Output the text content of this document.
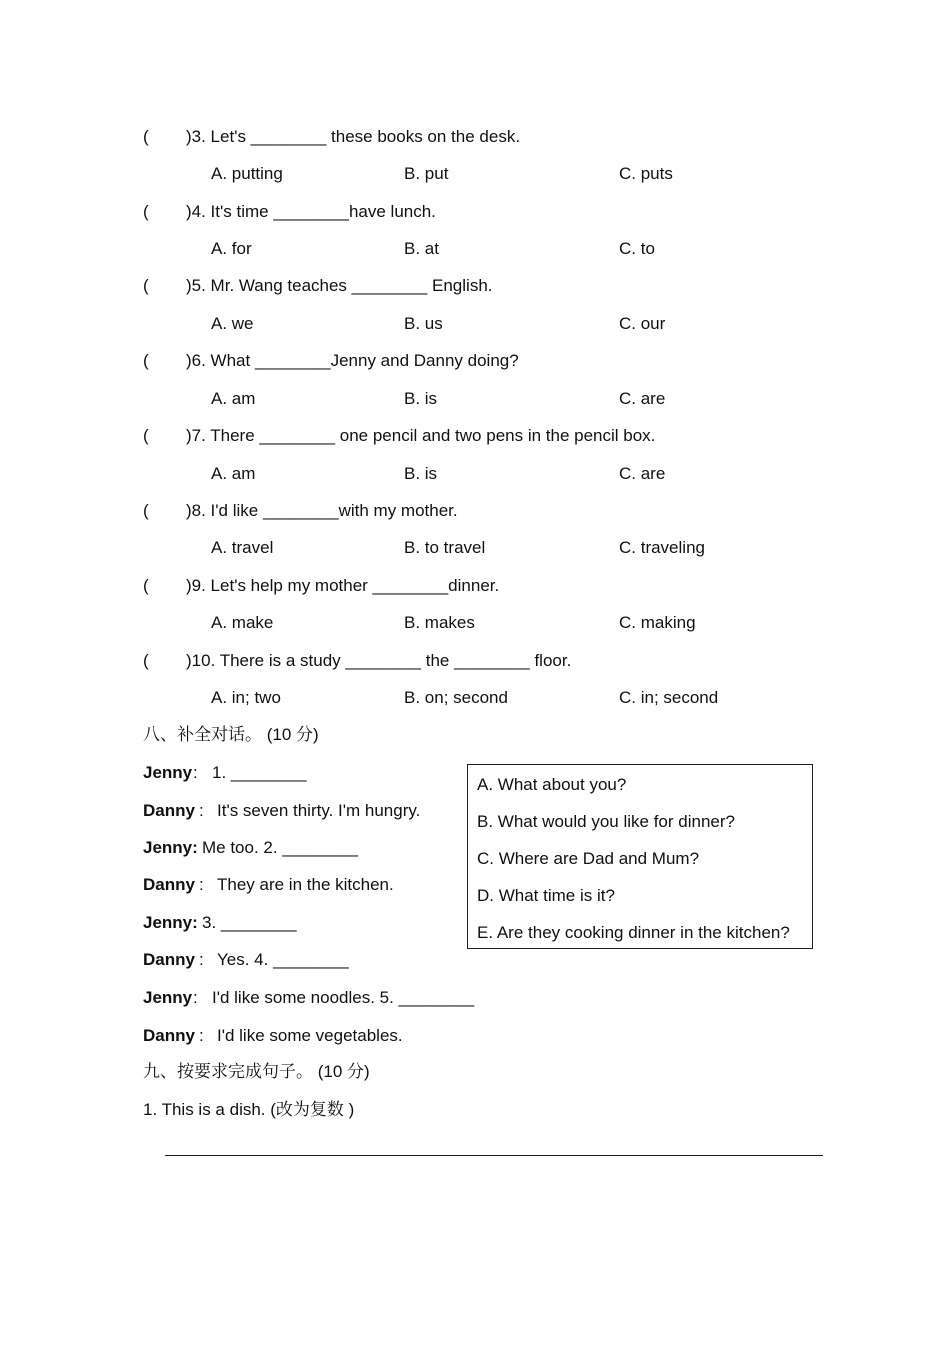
( )3. Let's ________ these books on the desk.
A. putting	B. put	C. puts
( )4. It's time ________have lunch.
A. for	B. at	C. to
( )5. Mr. Wang teaches ________ English.
A. we	B. us	C. our
( )6. What ________Jenny and Danny doing?
A. am	B. is	C. are
( )7. There ________ one pencil and two pens in the pencil box.
A. am	B. is	C. are
( )8. I'd like ________with my mother.
A. travel	B. to travel	C. traveling
( )9. Let's help my mother ________dinner.
A. make	B. makes	C. making
( )10. There is a study ________ the ________ floor.
A. in; two	B. on; second	C. in; second
八、补全对话。 (10 分)
Jenny : 1. ________
Danny : It's seven thirty. I'm hungry.
Jenny: Me too. 2. ________
Danny : They are in the kitchen.
Jenny: 3. ________
Danny : Yes. 4. ________
Jenny : I'd like some noodles. 5. ________
Danny : I'd like some vegetables.
A. What about you?
B. What would you like for dinner?
C. Where are Dad and Mum?
D. What time is it?
E. Are they cooking dinner in the kitchen?
九、按要求完成句子。 (10 分)
1. This is a dish. (改为复数 )
